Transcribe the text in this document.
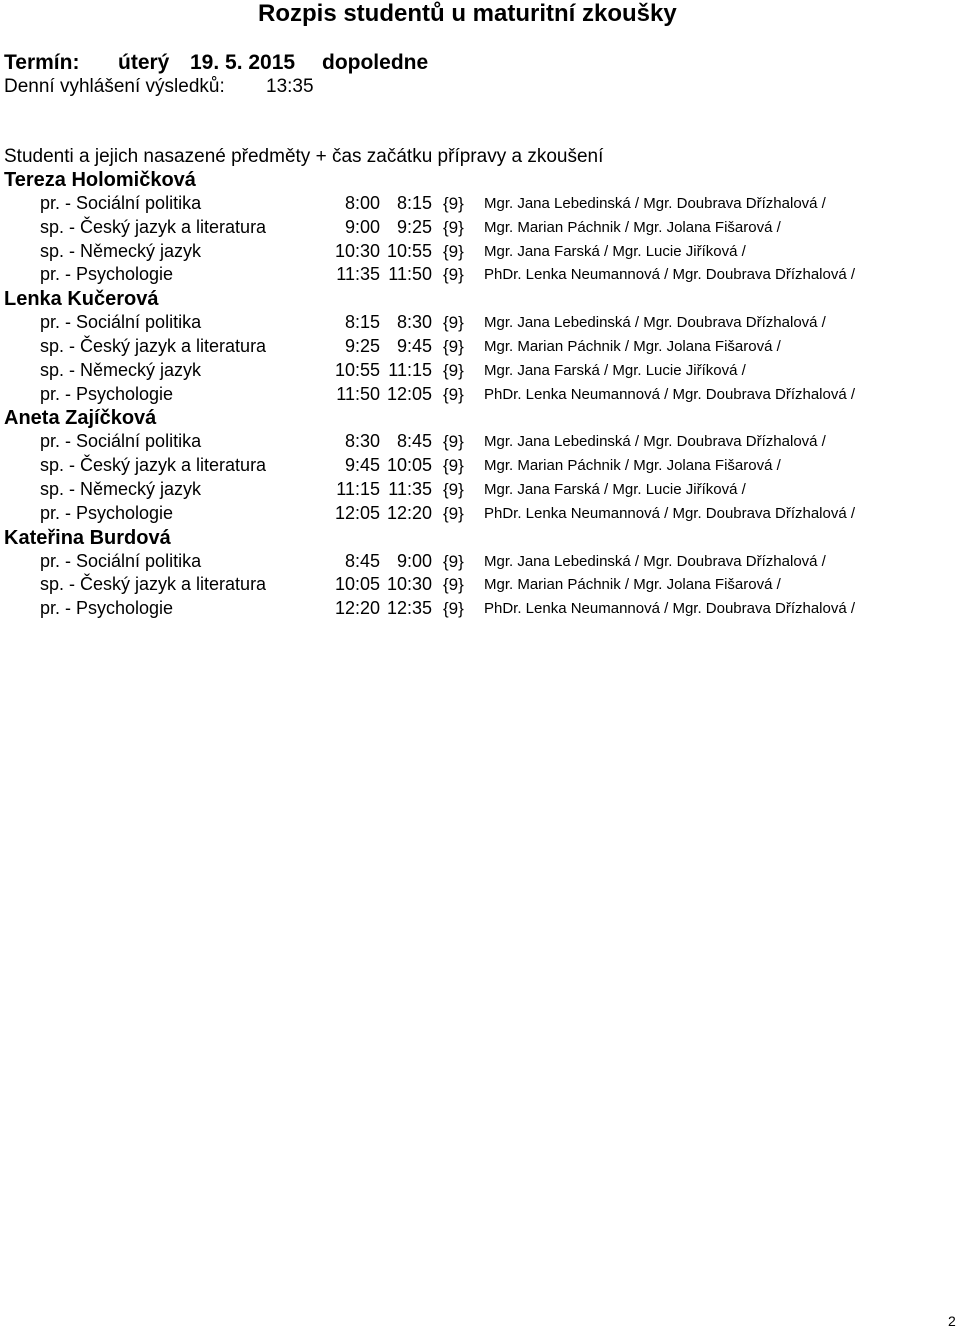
Rozpis studentů u maturitní zkoušky
Termín: úterý 19. 5. 2015 dopoledne
Denní vyhlášení výsledků: 13:35
Studenti a jejich nasazené předměty + čas začátku přípravy a zkoušení
Tereza Holomičková
pr. - Sociální politika	8:00 8:15 {9} Mgr. Jana Lebedinská / Mgr. Doubrava Dřízhalová /
sp. - Český jazyk a literatura	9:00 9:25 {9} Mgr. Marian Páchnik / Mgr. Jolana Fišarová /
sp. - Německý jazyk	10:30 10:55 {9} Mgr. Jana Farská / Mgr. Lucie Jiříková /
pr. - Psychologie	11:35 11:50 {9} PhDr. Lenka Neumannová / Mgr. Doubrava Dřízhalová /
Lenka Kučerová
pr. - Sociální politika	8:15 8:30 {9} Mgr. Jana Lebedinská / Mgr. Doubrava Dřízhalová /
sp. - Český jazyk a literatura	9:25 9:45 {9} Mgr. Marian Páchnik / Mgr. Jolana Fišarová /
sp. - Německý jazyk	10:55 11:15 {9} Mgr. Jana Farská / Mgr. Lucie Jiříková /
pr. - Psychologie	11:50 12:05 {9} PhDr. Lenka Neumannová / Mgr. Doubrava Dřízhalová /
Aneta Zajíčková
pr. - Sociální politika	8:30 8:45 {9} Mgr. Jana Lebedinská / Mgr. Doubrava Dřízhalová /
sp. - Český jazyk a literatura	9:45 10:05 {9} Mgr. Marian Páchnik / Mgr. Jolana Fišarová /
sp. - Německý jazyk	11:15 11:35 {9} Mgr. Jana Farská / Mgr. Lucie Jiříková /
pr. - Psychologie	12:05 12:20 {9} PhDr. Lenka Neumannová / Mgr. Doubrava Dřízhalová /
Kateřina Burdová
pr. - Sociální politika	8:45 9:00 {9} Mgr. Jana Lebedinská / Mgr. Doubrava Dřízhalová /
sp. - Český jazyk a literatura	10:05 10:30 {9} Mgr. Marian Páchnik / Mgr. Jolana Fišarová /
pr. - Psychologie	12:20 12:35 {9} PhDr. Lenka Neumannová / Mgr. Doubrava Dřízhalová /
2
